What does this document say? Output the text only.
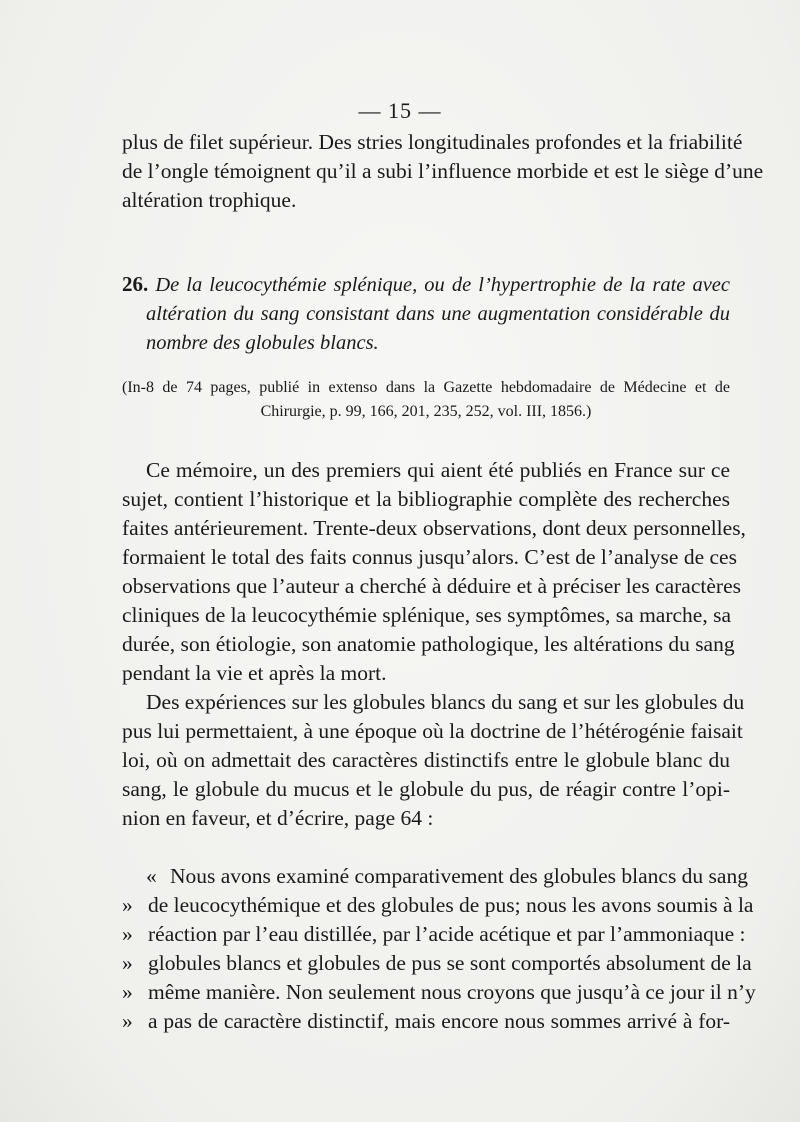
— 15 —
plus de filet supérieur. Des stries longitudinales profondes et la friabilité
de l’ongle témoignent qu’il a subi l’influence morbide et est le siège d’une
altération trophique.
26. De la leucocythémie splénique, ou de l’hypertrophie de la rate avec
altération du sang consistant dans une augmentation considérable du
nombre des globules blancs.
(In-8 de 74 pages, publié in extenso dans la Gazette hebdomadaire de Médecine et de
Chirurgie, p. 99, 166, 201, 235, 252, vol. III, 1856.)
Ce mémoire, un des premiers qui aient été publiés en France sur ce
sujet, contient l’historique et la bibliographie complète des recherches
faites antérieurement. Trente-deux observations, dont deux personnelles,
formaient le total des faits connus jusqu’alors. C’est de l’analyse de ces
observations que l’auteur a cherché à déduire et à préciser les caractères
cliniques de la leucocythémie splénique, ses symptômes, sa marche, sa
durée, son étiologie, son anatomie pathologique, les altérations du sang
pendant la vie et après la mort.
Des expériences sur les globules blancs du sang et sur les globules du
pus lui permettaient, à une époque où la doctrine de l’hétérogénie faisait
loi, où on admettait des caractères distinctifs entre le globule blanc du
sang, le globule du mucus et le globule du pus, de réagir contre l’opi-
nion en faveur, et d’écrire, page 64 :
« Nous avons examiné comparativement des globules blancs du sang
» de leucocythémique et des globules de pus; nous les avons soumis à la
» réaction par l’eau distillée, par l’acide acétique et par l’ammoniaque :
» globules blancs et globules de pus se sont comportés absolument de la
» même manière. Non seulement nous croyons que jusqu’à ce jour il n’y
» a pas de caractère distinctif, mais encore nous sommes arrivé à for-
